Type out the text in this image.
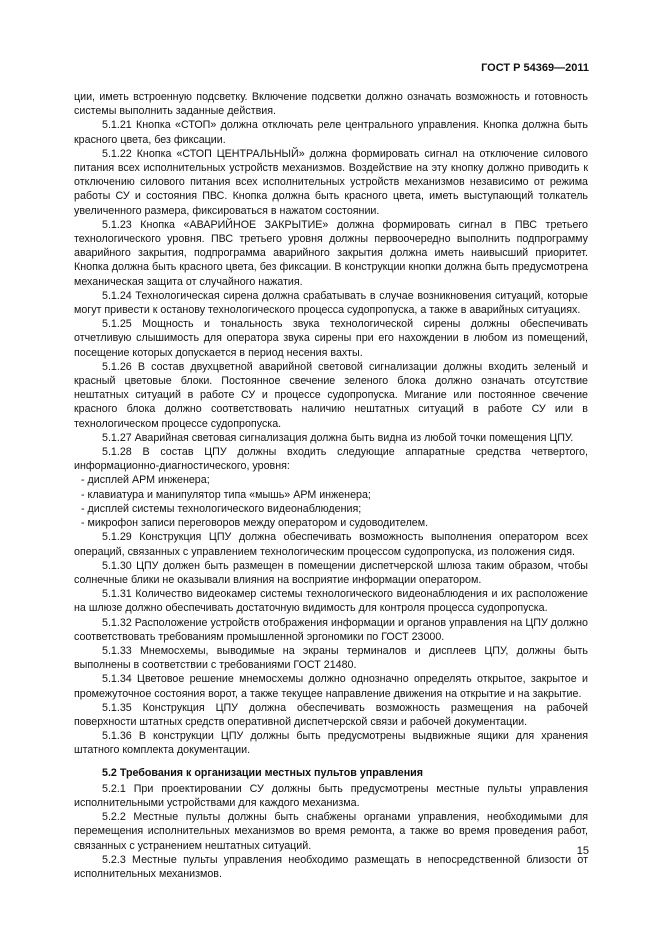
ГОСТ Р 54369—2011

ции, иметь встроенную подсветку. Включение подсветки должно означать возможность и готовность системы выполнить заданные действия.

5.1.21 Кнопка «СТОП» должна отключать реле центрального управления. Кнопка должна быть красного цвета, без фиксации.

5.1.22 Кнопка «СТОП ЦЕНТРАЛЬНЫЙ» должна формировать сигнал на отключение силового питания всех исполнительных устройств механизмов. Воздействие на эту кнопку должно приводить к отключению силового питания всех исполнительных устройств механизмов независимо от режима работы СУ и состояния ПВС. Кнопка должна быть красного цвета, иметь выступающий толкатель увеличенного размера, фиксироваться в нажатом состоянии.

5.1.23 Кнопка «АВАРИЙНОЕ ЗАКРЫТИЕ» должна формировать сигнал в ПВС третьего технологического уровня. ПВС третьего уровня должны первоочередно выполнить подпрограмму аварийного закрытия, подпрограмма аварийного закрытия должна иметь наивысший приоритет. Кнопка должна быть красного цвета, без фиксации. В конструкции кнопки должна быть предусмотрена механическая защита от случайного нажатия.

5.1.24 Технологическая сирена должна срабатывать в случае возникновения ситуаций, которые могут привести к останову технологического процесса судопропуска, а также в аварийных ситуациях.

5.1.25 Мощность и тональность звука технологической сирены должны обеспечивать отчетливую слышимость для оператора звука сирены при его нахождении в любом из помещений, посещение которых допускается в период несения вахты.

5.1.26 В состав двухцветной аварийной световой сигнализации должны входить зеленый и красный цветовые блоки. Постоянное свечение зеленого блока должно означать отсутствие нештатных ситуаций в работе СУ и процессе судопропуска. Мигание или постоянное свечение красного блока должно соответствовать наличию нештатных ситуаций в работе СУ или в технологическом процессе судопропуска.

5.1.27 Аварийная световая сигнализация должна быть видна из любой точки помещения ЦПУ.

5.1.28 В состав ЦПУ должны входить следующие аппаратные средства четвертого, информационно-диагностического, уровня:

- дисплей АРМ инженера;

- клавиатура и манипулятор типа «мышь» АРМ инженера;

- дисплей системы технологического видеонаблюдения;

- микрофон записи переговоров между оператором и судоводителем.

5.1.29 Конструкция ЦПУ должна обеспечивать возможность выполнения оператором всех операций, связанных с управлением технологическим процессом судопропуска, из положения сидя.

5.1.30 ЦПУ должен быть размещен в помещении диспетчерской шлюза таким образом, чтобы солнечные блики не оказывали влияния на восприятие информации оператором.

5.1.31 Количество видеокамер системы технологического видеонаблюдения и их расположение на шлюзе должно обеспечивать достаточную видимость для контроля процесса судопропуска.

5.1.32 Расположение устройств отображения информации и органов управления на ЦПУ должно соответствовать требованиям промышленной эргономики по ГОСТ 23000.

5.1.33 Мнемосхемы, выводимые на экраны терминалов и дисплеев ЦПУ, должны быть выполнены в соответствии с требованиями ГОСТ 21480.

5.1.34 Цветовое решение мнемосхемы должно однозначно определять открытое, закрытое и промежуточное состояния ворот, а также текущее направление движения на открытие и на закрытие.

5.1.35 Конструкция ЦПУ должна обеспечивать возможность размещения на рабочей поверхности штатных средств оперативной диспетчерской связи и рабочей документации.

5.1.36 В конструкции ЦПУ должны быть предусмотрены выдвижные ящики для хранения штатного комплекта документации.

5.2 Требования к организации местных пультов управления

5.2.1 При проектировании СУ должны быть предусмотрены местные пульты управления исполнительными устройствами для каждого механизма.

5.2.2 Местные пульты должны быть снабжены органами управления, необходимыми для перемещения исполнительных механизмов во время ремонта, а также во время проведения работ, связанных с устранением нештатных ситуаций.

5.2.3 Местные пульты управления необходимо размещать в непосредственной близости от исполнительных механизмов.

15
